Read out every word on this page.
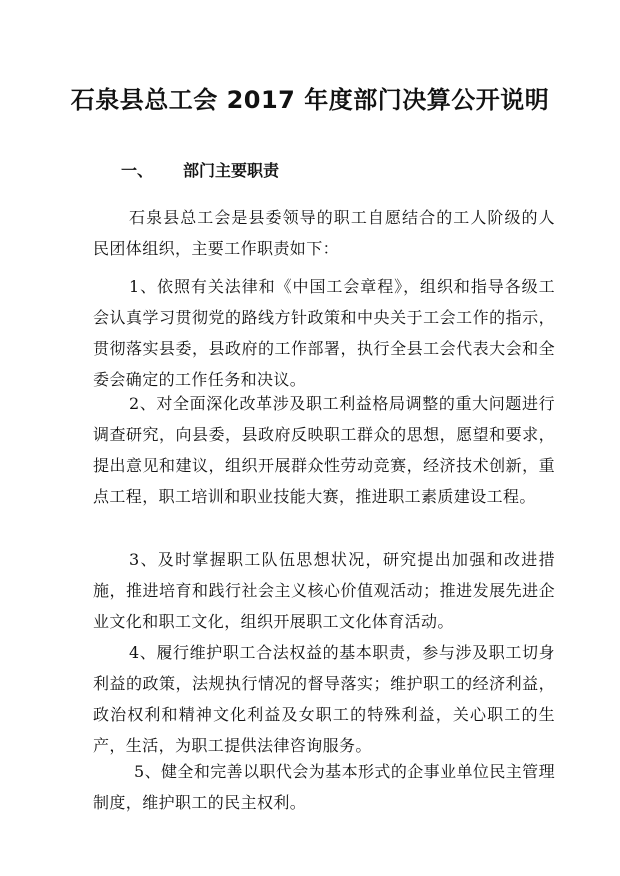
石泉县总工会 2017 年度部门决算公开说明
一、 部门主要职责

石泉县总工会是县委领导的职工自愿结合的工人阶级的人民团体组织，主要工作职责如下：

1、依照有关法律和《中国工会章程》，组织和指导各级工会认真学习贯彻党的路线方针政策和中央关于工会工作的指示，贯彻落实县委，县政府的工作部署，执行全县工会代表大会和全委会确定的工作任务和决议。

2、对全面深化改革涉及职工利益格局调整的重大问题进行调查研究，向县委，县政府反映职工群众的思想，愿望和要求，提出意见和建议，组织开展群众性劳动竞赛，经济技术创新，重点工程，职工培训和职业技能大赛，推进职工素质建设工程。

3、及时掌握职工队伍思想状况，研究提出加强和改进措施，推进培育和践行社会主义核心价值观活动；推进发展先进企业文化和职工文化，组织开展职工文化体育活动。

4、履行维护职工合法权益的基本职责，参与涉及职工切身利益的政策，法规执行情况的督导落实；维护职工的经济利益，政治权利和精神文化利益及女职工的特殊利益，关心职工的生产，生活，为职工提供法律咨询服务。

5、健全和完善以职代会为基本形式的企事业单位民主管理制度，维护职工的民主权利。
